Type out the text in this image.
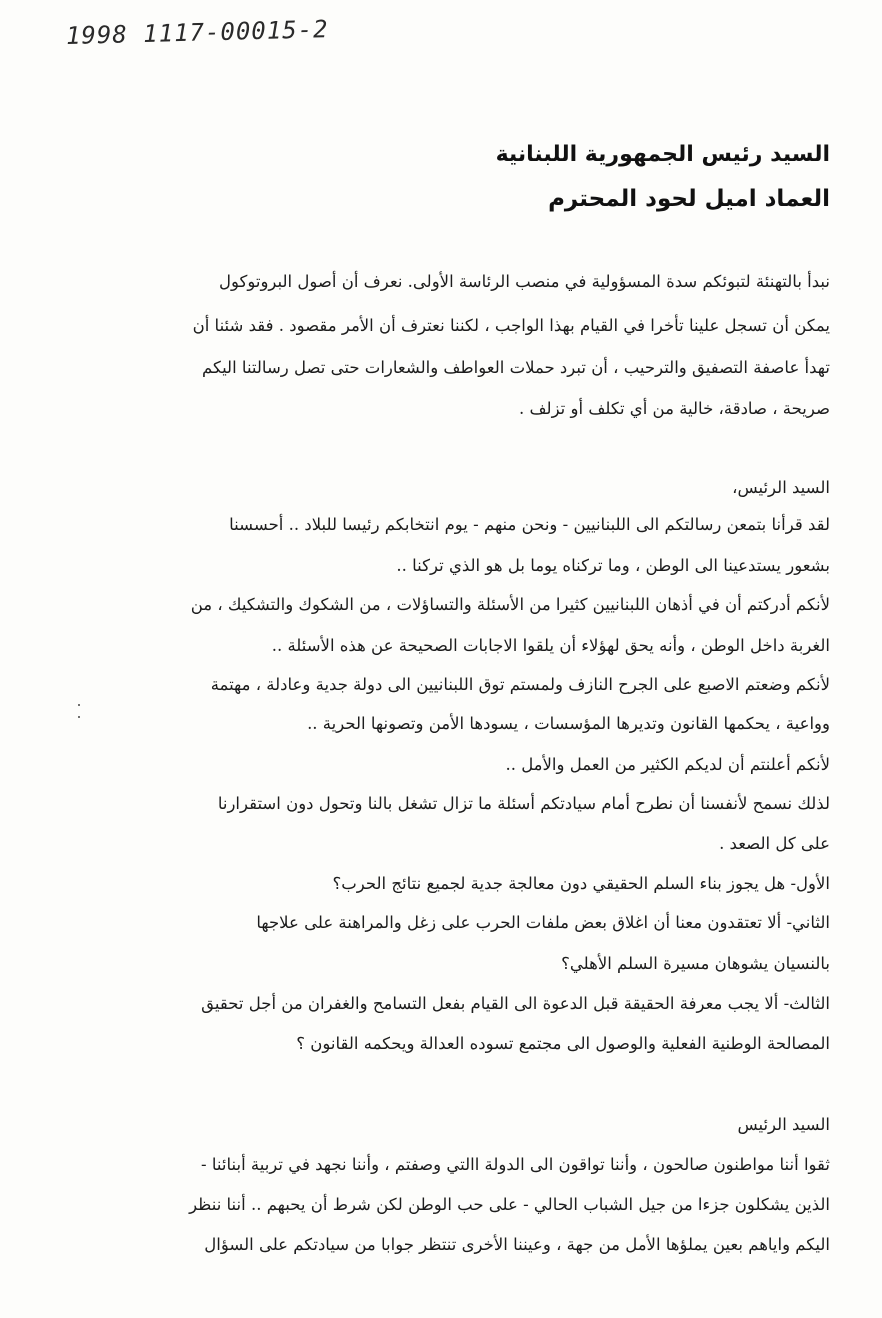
1998 1117-00015-2
السيد رئيس الجمهورية اللبنانية
العماد اميل لحود المحترم
نبدأ بالتهنئة لتبوئكم سدة المسؤولية في منصب الرئاسة الأولى. نعرف أن أصول البروتوكول
يمكن أن تسجل علينا تأخرا في القيام بهذا الواجب ، لكننا نعترف أن الأمر مقصود . فقد شئنا أن
تهدأ عاصفة التصفيق والترحيب ، أن تبرد حملات العواطف والشعارات حتى تصل رسالتنا اليكم
صريحة ، صادقة، خالية من أي تكلف أو تزلف .
السيد الرئيس،
لقد قرأنا بتمعن رسالتكم الى اللبنانيين - ونحن منهم - يوم انتخابكم رئيسا للبلاد .. أحسسنا
بشعور يستدعينا الى الوطن ، وما تركناه يوما بل هو الذي تركنا ..
لأنكم أدركتم أن في أذهان اللبنانيين كثيرا من الأسئلة والتساؤلات ، من الشكوك والتشكيك ، من
الغربة داخل الوطن ، وأنه يحق لهؤلاء أن يلقوا الاجابات الصحيحة عن هذه الأسئلة ..
لأنكم وضعتم الاصبع على الجرح النازف ولمستم توق اللبنانيين الى دولة جدية وعادلة ، مهتمة
وواعية ، يحكمها القانون وتديرها المؤسسات ، يسودها الأمن وتصونها الحرية ..
لأنكم أعلنتم أن لديكم الكثير من العمل والأمل ..
لذلك نسمح لأنفسنا أن نطرح أمام سيادتكم أسئلة ما تزال تشغل بالنا وتحول دون استقرارنا
على كل الصعد .
الأول- هل يجوز بناء السلم الحقيقي دون معالجة جدية لجميع نتائج الحرب؟
الثاني- ألا تعتقدون معنا أن اغلاق بعض ملفات الحرب على زغل والمراهنة على علاجها
بالنسيان يشوهان مسيرة السلم الأهلي؟
الثالث- ألا يجب معرفة الحقيقة قبل الدعوة الى القيام بفعل التسامح والغفران من أجل تحقيق
المصالحة الوطنية الفعلية والوصول الى مجتمع تسوده العدالة ويحكمه القانون ؟
السيد الرئيس
ثقوا أننا مواطنون صالحون ، وأننا تواقون الى الدولة االتي وصفتم ، وأننا نجهد في تربية أبنائنا -
الذين يشكلون جزءا من جيل الشباب الحالي - على حب الوطن لكن شرط أن يحبهم .. أننا ننظر
اليكم واياهم بعين يملؤها الأمل من جهة ، وعيننا الأخرى تنتظر جوابا من سيادتكم على السؤال
